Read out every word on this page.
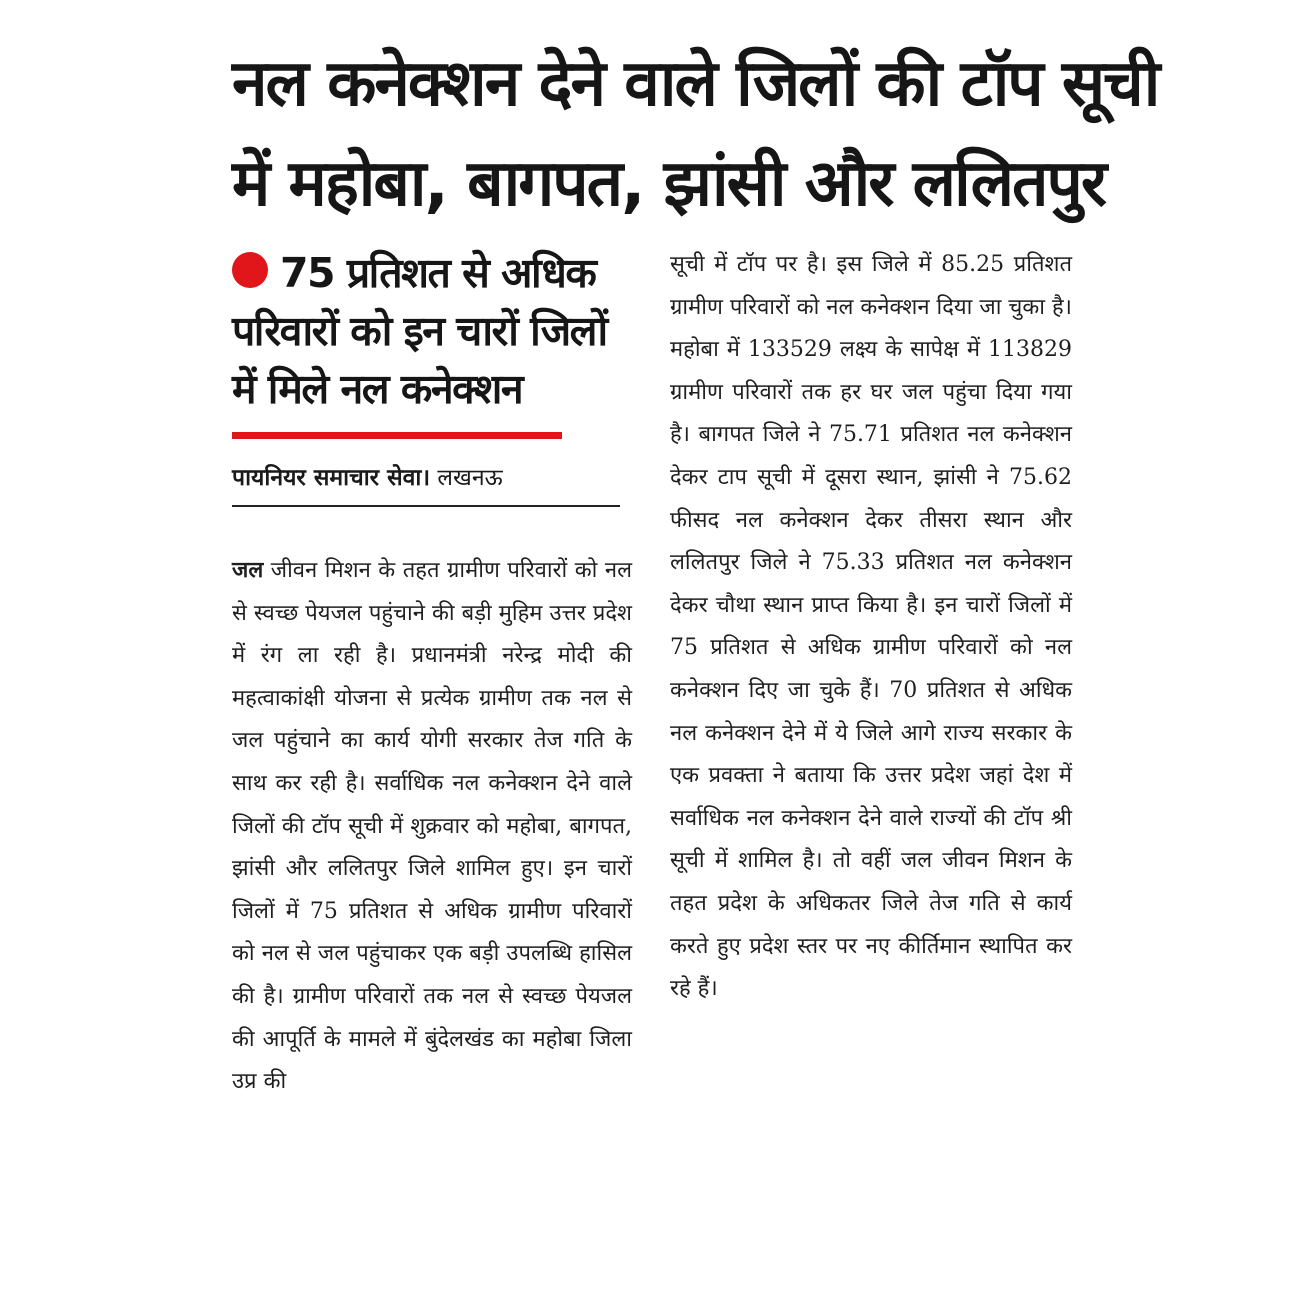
नल कनेक्शन देने वाले जिलों की टॉप सूची
में महोबा, बागपत, झांसी और ललितपुर
75 प्रतिशत से अधिक
परिवारों को इन चारों जिलों
में मिले नल कनेक्शन
पायनियर समाचार सेवा। लखनऊ

जल जीवन मिशन के तहत ग्रामीण परिवारों को नल से स्वच्छ पेयजल पहुंचाने की बड़ी मुहिम उत्तर प्रदेश में रंग ला रही है। प्रधानमंत्री नरेन्द्र मोदी की महत्वाकांक्षी योजना से प्रत्येक ग्रामीण तक नल से जल पहुंचाने का कार्य योगी सरकार तेज गति के साथ कर रही है। सर्वाधिक नल कनेक्शन देने वाले जिलों की टॉप सूची में शुक्रवार को महोबा, बागपत, झांसी और ललितपुर जिले शामिल हुए। इन चारों जिलों में 75 प्रतिशत से अधिक ग्रामीण परिवारों को नल से जल पहुंचाकर एक बड़ी उपलब्धि हासिल की है। ग्रामीण परिवारों तक नल से स्वच्छ पेयजल की आपूर्ति के मामले में बुंदेलखंड का महोबा जिला उप्र की

सूची में टॉप पर है। इस जिले में 85.25 प्रतिशत ग्रामीण परिवारों को नल कनेक्शन दिया जा चुका है। महोबा में 133529 लक्ष्य के सापेक्ष में 113829 ग्रामीण परिवारों तक हर घर जल पहुंचा दिया गया है। बागपत जिले ने 75.71 प्रतिशत नल कनेक्शन देकर टाप सूची में दूसरा स्थान, झांसी ने 75.62 फीसद नल कनेक्शन देकर तीसरा स्थान और ललितपुर जिले ने 75.33 प्रतिशत नल कनेक्शन देकर चौथा स्थान प्राप्त किया है। इन चारों जिलों में 75 प्रतिशत से अधिक ग्रामीण परिवारों को नल कनेक्शन दिए जा चुके हैं। 70 प्रतिशत से अधिक नल कनेक्शन देने में ये जिले आगे राज्य सरकार के एक प्रवक्ता ने बताया कि उत्तर प्रदेश जहां देश में सर्वाधिक नल कनेक्शन देने वाले राज्यों की टॉप श्री सूची में शामिल है। तो वहीं जल जीवन मिशन के तहत प्रदेश के अधिकतर जिले तेज गति से कार्य करते हुए प्रदेश स्तर पर नए कीर्तिमान स्थापित कर रहे हैं।
